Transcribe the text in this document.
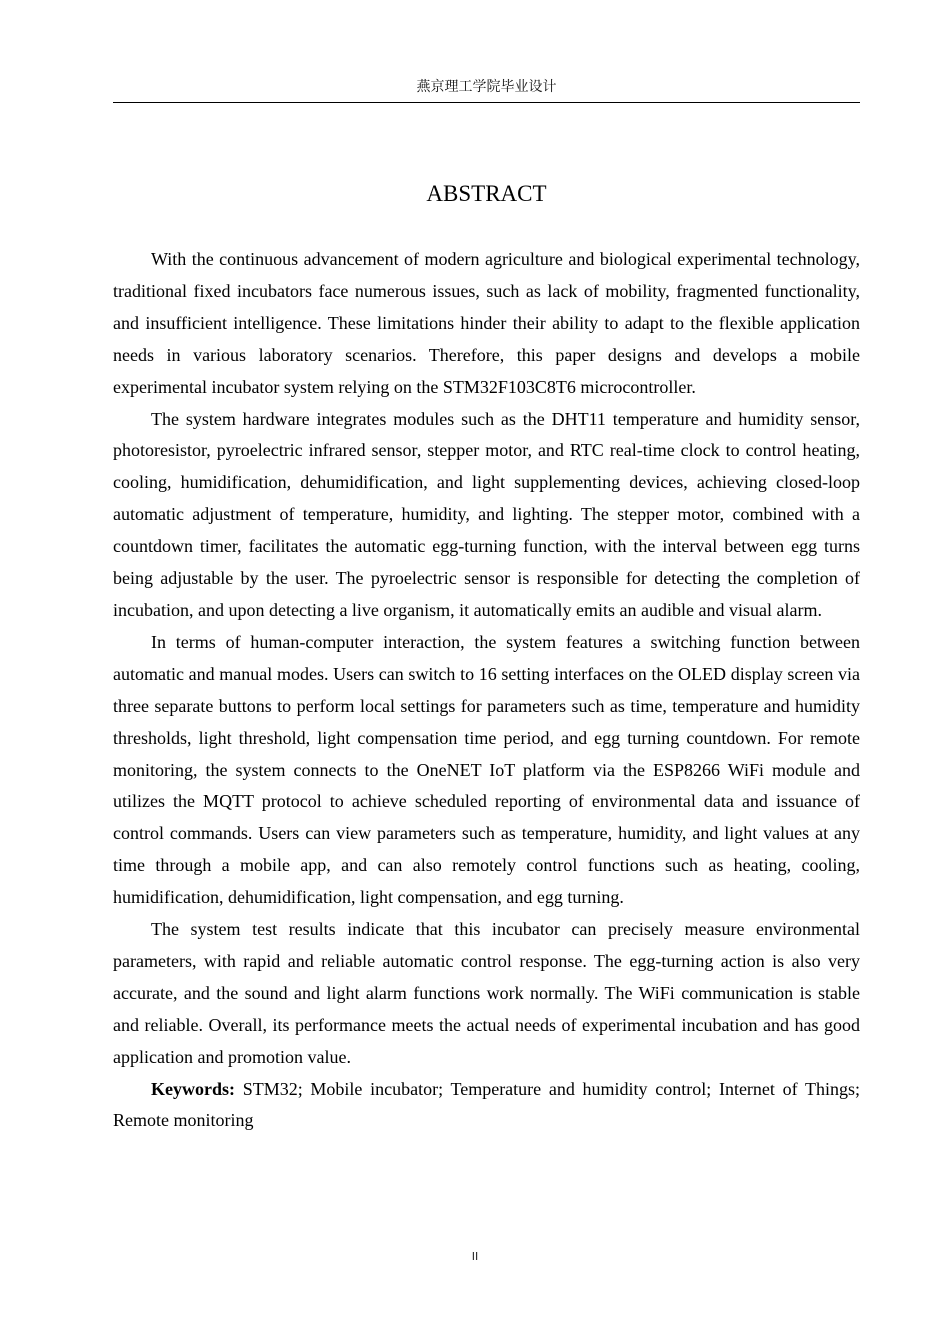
燕京理工学院毕业设计
ABSTRACT

With the continuous advancement of modern agriculture and biological experimental technology, traditional fixed incubators face numerous issues, such as lack of mobility, fragmented functionality, and insufficient intelligence. These limitations hinder their ability to adapt to the flexible application needs in various laboratory scenarios. Therefore, this paper designs and develops a mobile experimental incubator system relying on the STM32F103C8T6 microcontroller.

The system hardware integrates modules such as the DHT11 temperature and humidity sensor, photoresistor, pyroelectric infrared sensor, stepper motor, and RTC real-time clock to control heating, cooling, humidification, dehumidification, and light supplementing devices, achieving closed-loop automatic adjustment of temperature, humidity, and lighting. The stepper motor, combined with a countdown timer, facilitates the automatic egg-turning function, with the interval between egg turns being adjustable by the user. The pyroelectric sensor is responsible for detecting the completion of incubation, and upon detecting a live organism, it automatically emits an audible and visual alarm.

In terms of human-computer interaction, the system features a switching function between automatic and manual modes. Users can switch to 16 setting interfaces on the OLED display screen via three separate buttons to perform local settings for parameters such as time, temperature and humidity thresholds, light threshold, light compensation time period, and egg turning countdown. For remote monitoring, the system connects to the OneNET IoT platform via the ESP8266 WiFi module and utilizes the MQTT protocol to achieve scheduled reporting of environmental data and issuance of control commands. Users can view parameters such as temperature, humidity, and light values at any time through a mobile app, and can also remotely control functions such as heating, cooling, humidification, dehumidification, light compensation, and egg turning.

The system test results indicate that this incubator can precisely measure environmental parameters, with rapid and reliable automatic control response. The egg-turning action is also very accurate, and the sound and light alarm functions work normally. The WiFi communication is stable and reliable. Overall, its performance meets the actual needs of experimental incubation and has good application and promotion value.

Keywords: STM32; Mobile incubator; Temperature and humidity control; Internet of Things; Remote monitoring

II
